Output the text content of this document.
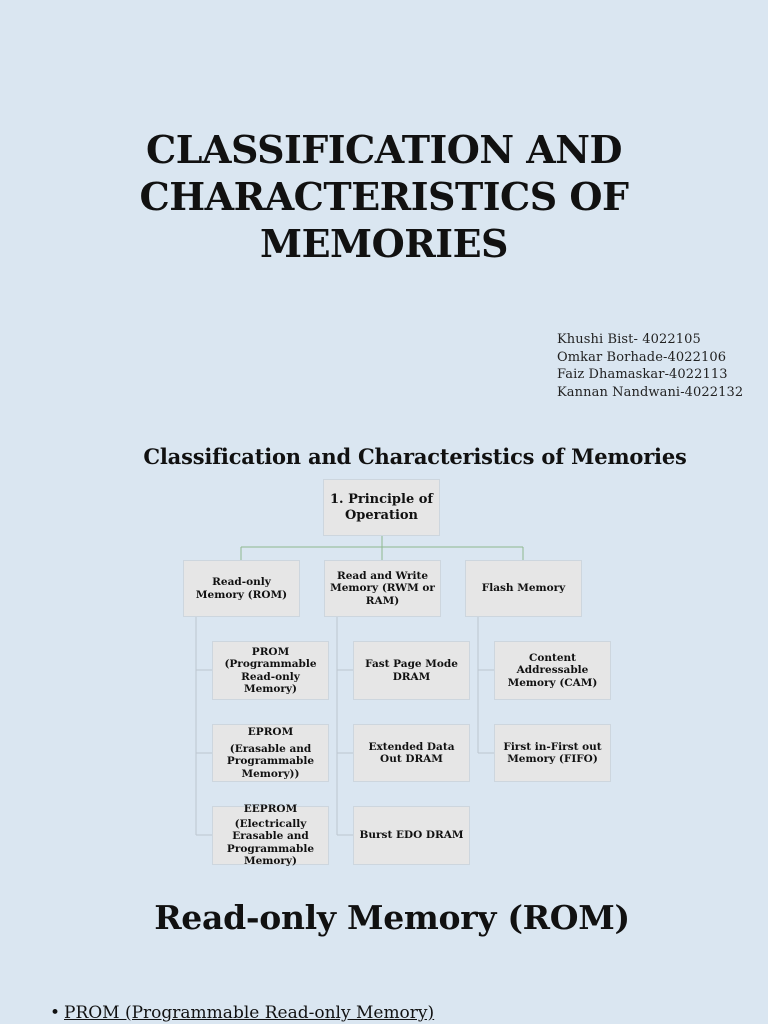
CLASSIFICATION AND CHARACTERISTICS OF MEMORIES
Khushi Bist- 4022105
Omkar Borhade-4022106
Faiz Dhamaskar-4022113
Kannan Nandwani-4022132
Classification and Characteristics of Memories
1. Principle of Operation
Read-only Memory (ROM)
Read and Write Memory (RWM or RAM)
Flash Memory
PROM (Programmable Read-only Memory)
EPROM
(Erasable and Programmable Memory))
EEPROM
(Electrically Erasable and Programmable Memory)
Fast Page Mode DRAM
Extended Data Out DRAM
Burst EDO DRAM
Content Addressable Memory (CAM)
First in-First out Memory (FIFO)
Read-only Memory (ROM)
• PROM (Programmable Read-only Memory)
